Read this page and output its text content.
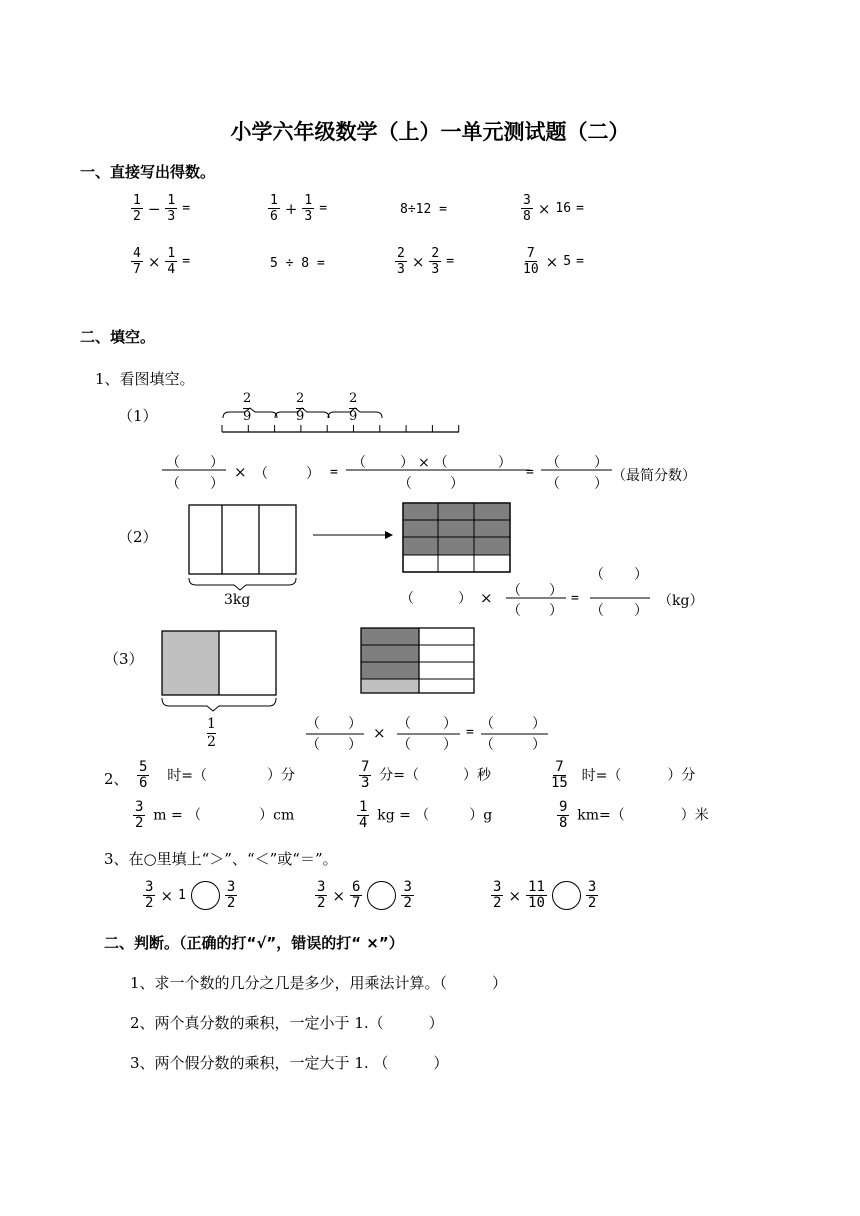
小学六年级数学（上）一单元测试题（二）
一、直接写出得数。
$\frac{1}{2} - \frac{1}{3}$ =	$\frac{1}{6} + \frac{1}{3}$ =	8÷12 =	$\frac{3}{8} \times 16$ =
$\frac{4}{7} \times \frac{1}{4}$ =	5 ÷ 8 =	$\frac{2}{3} \times \frac{2}{3}$ =	$\frac{7}{10} \times 5$ =
二、填空。
1、看图填空。
（1）
2
9
2
9
2
9
（ ）
（ ）
× （	） =
（ ） × （	）
（	）
=
（ ）
（ ） （最简分数）
（2）
3kg	（	） × （ ）
（ ）
=
（ ）
（ ）
（kg）
（3）
1
2
（ ）
（ ）
× （ ）
（ ）
=
（	）
（	）
2、 $\frac{5}{6}$ 时=（	）分	$\frac{7}{3}$ 分=（	）秒	$\frac{7}{15}$ 时=（	）分
$\frac{3}{2}$ m = （	）cm	$\frac{1}{4}$ kg = （	）g	$\frac{9}{8} km=$（	）米
3、在○里填上“＞”、“＜”或“＝”。
$\frac{3}{2} \times 1$	$\frac{3}{2}$	$\frac{3}{2} \times \frac{6}{7}$	$\frac{3}{2}$	$\frac{3}{2} \times \frac{11}{10}$	$\frac{3}{2}$
二、判断。（正确的打“√”，错误的打“ ×”）
1、求一个数的几分之几是多少，用乘法计算。（　　　）
2、两个真分数的乘积，一定小于 1.（　　　）
3、两个假分数的乘积，一定大于 1. （　　　）
